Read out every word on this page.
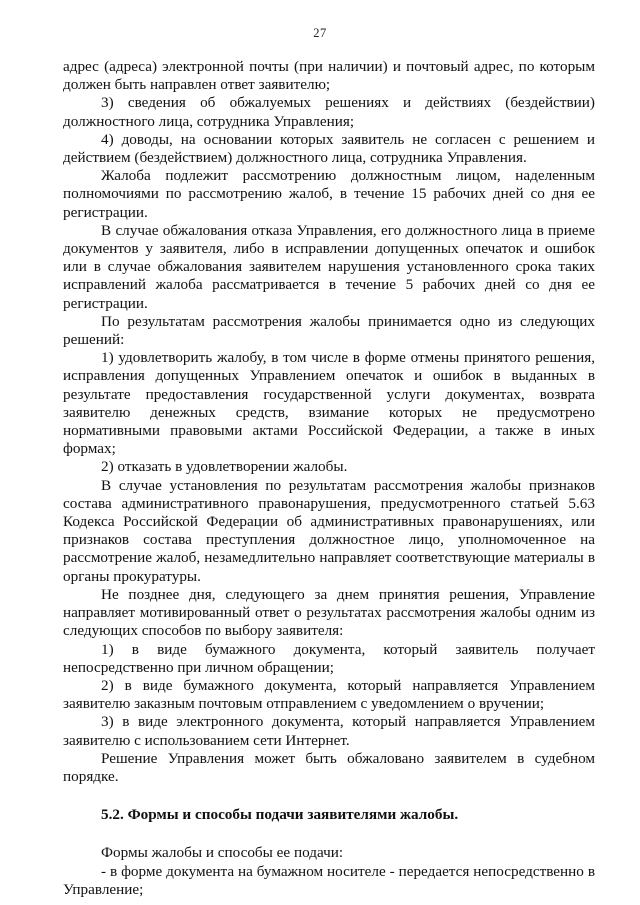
27

адрес (адреса) электронной почты (при наличии) и почтовый адрес, по которым должен быть направлен ответ заявителю;

3) сведения об обжалуемых решениях и действиях (бездействии) должностного лица, сотрудника Управления;

4) доводы, на основании которых заявитель не согласен с решением и действием (бездействием) должностного лица, сотрудника Управления.

Жалоба подлежит рассмотрению должностным лицом, наделенным полномочиями по рассмотрению жалоб, в течение 15 рабочих дней со дня ее регистрации.

В случае обжалования отказа Управления, его должностного лица в приеме документов у заявителя, либо в исправлении допущенных опечаток и ошибок или в случае обжалования заявителем нарушения установленного срока таких исправлений жалоба рассматривается в течение 5 рабочих дней со дня ее регистрации.

По результатам рассмотрения жалобы принимается одно из следующих решений:

1) удовлетворить жалобу, в том числе в форме отмены принятого решения, исправления допущенных Управлением опечаток и ошибок в выданных в результате предоставления государственной услуги документах, возврата заявителю денежных средств, взимание которых не предусмотрено нормативными правовыми актами Российской Федерации, а также в иных формах;

2) отказать в удовлетворении жалобы.

В случае установления по результатам рассмотрения жалобы признаков состава административного правонарушения, предусмотренного статьей 5.63 Кодекса Российской Федерации об административных правонарушениях, или признаков состава преступления должностное лицо, уполномоченное на рассмотрение жалоб, незамедлительно направляет соответствующие материалы в органы прокуратуры.

Не позднее дня, следующего за днем принятия решения, Управление направляет мотивированный ответ о результатах рассмотрения жалобы одним из следующих способов по выбору заявителя:

1) в виде бумажного документа, который заявитель получает непосредственно при личном обращении;

2) в виде бумажного документа, который направляется Управлением заявителю заказным почтовым отправлением с уведомлением о вручении;

3) в виде электронного документа, который направляется Управлением заявителю с использованием сети Интернет.

Решение Управления может быть обжаловано заявителем в судебном порядке.

5.2. Формы и способы подачи заявителями жалобы.

Формы жалобы и способы ее подачи:

- в форме документа на бумажном носителе - передается непосредственно в Управление;
